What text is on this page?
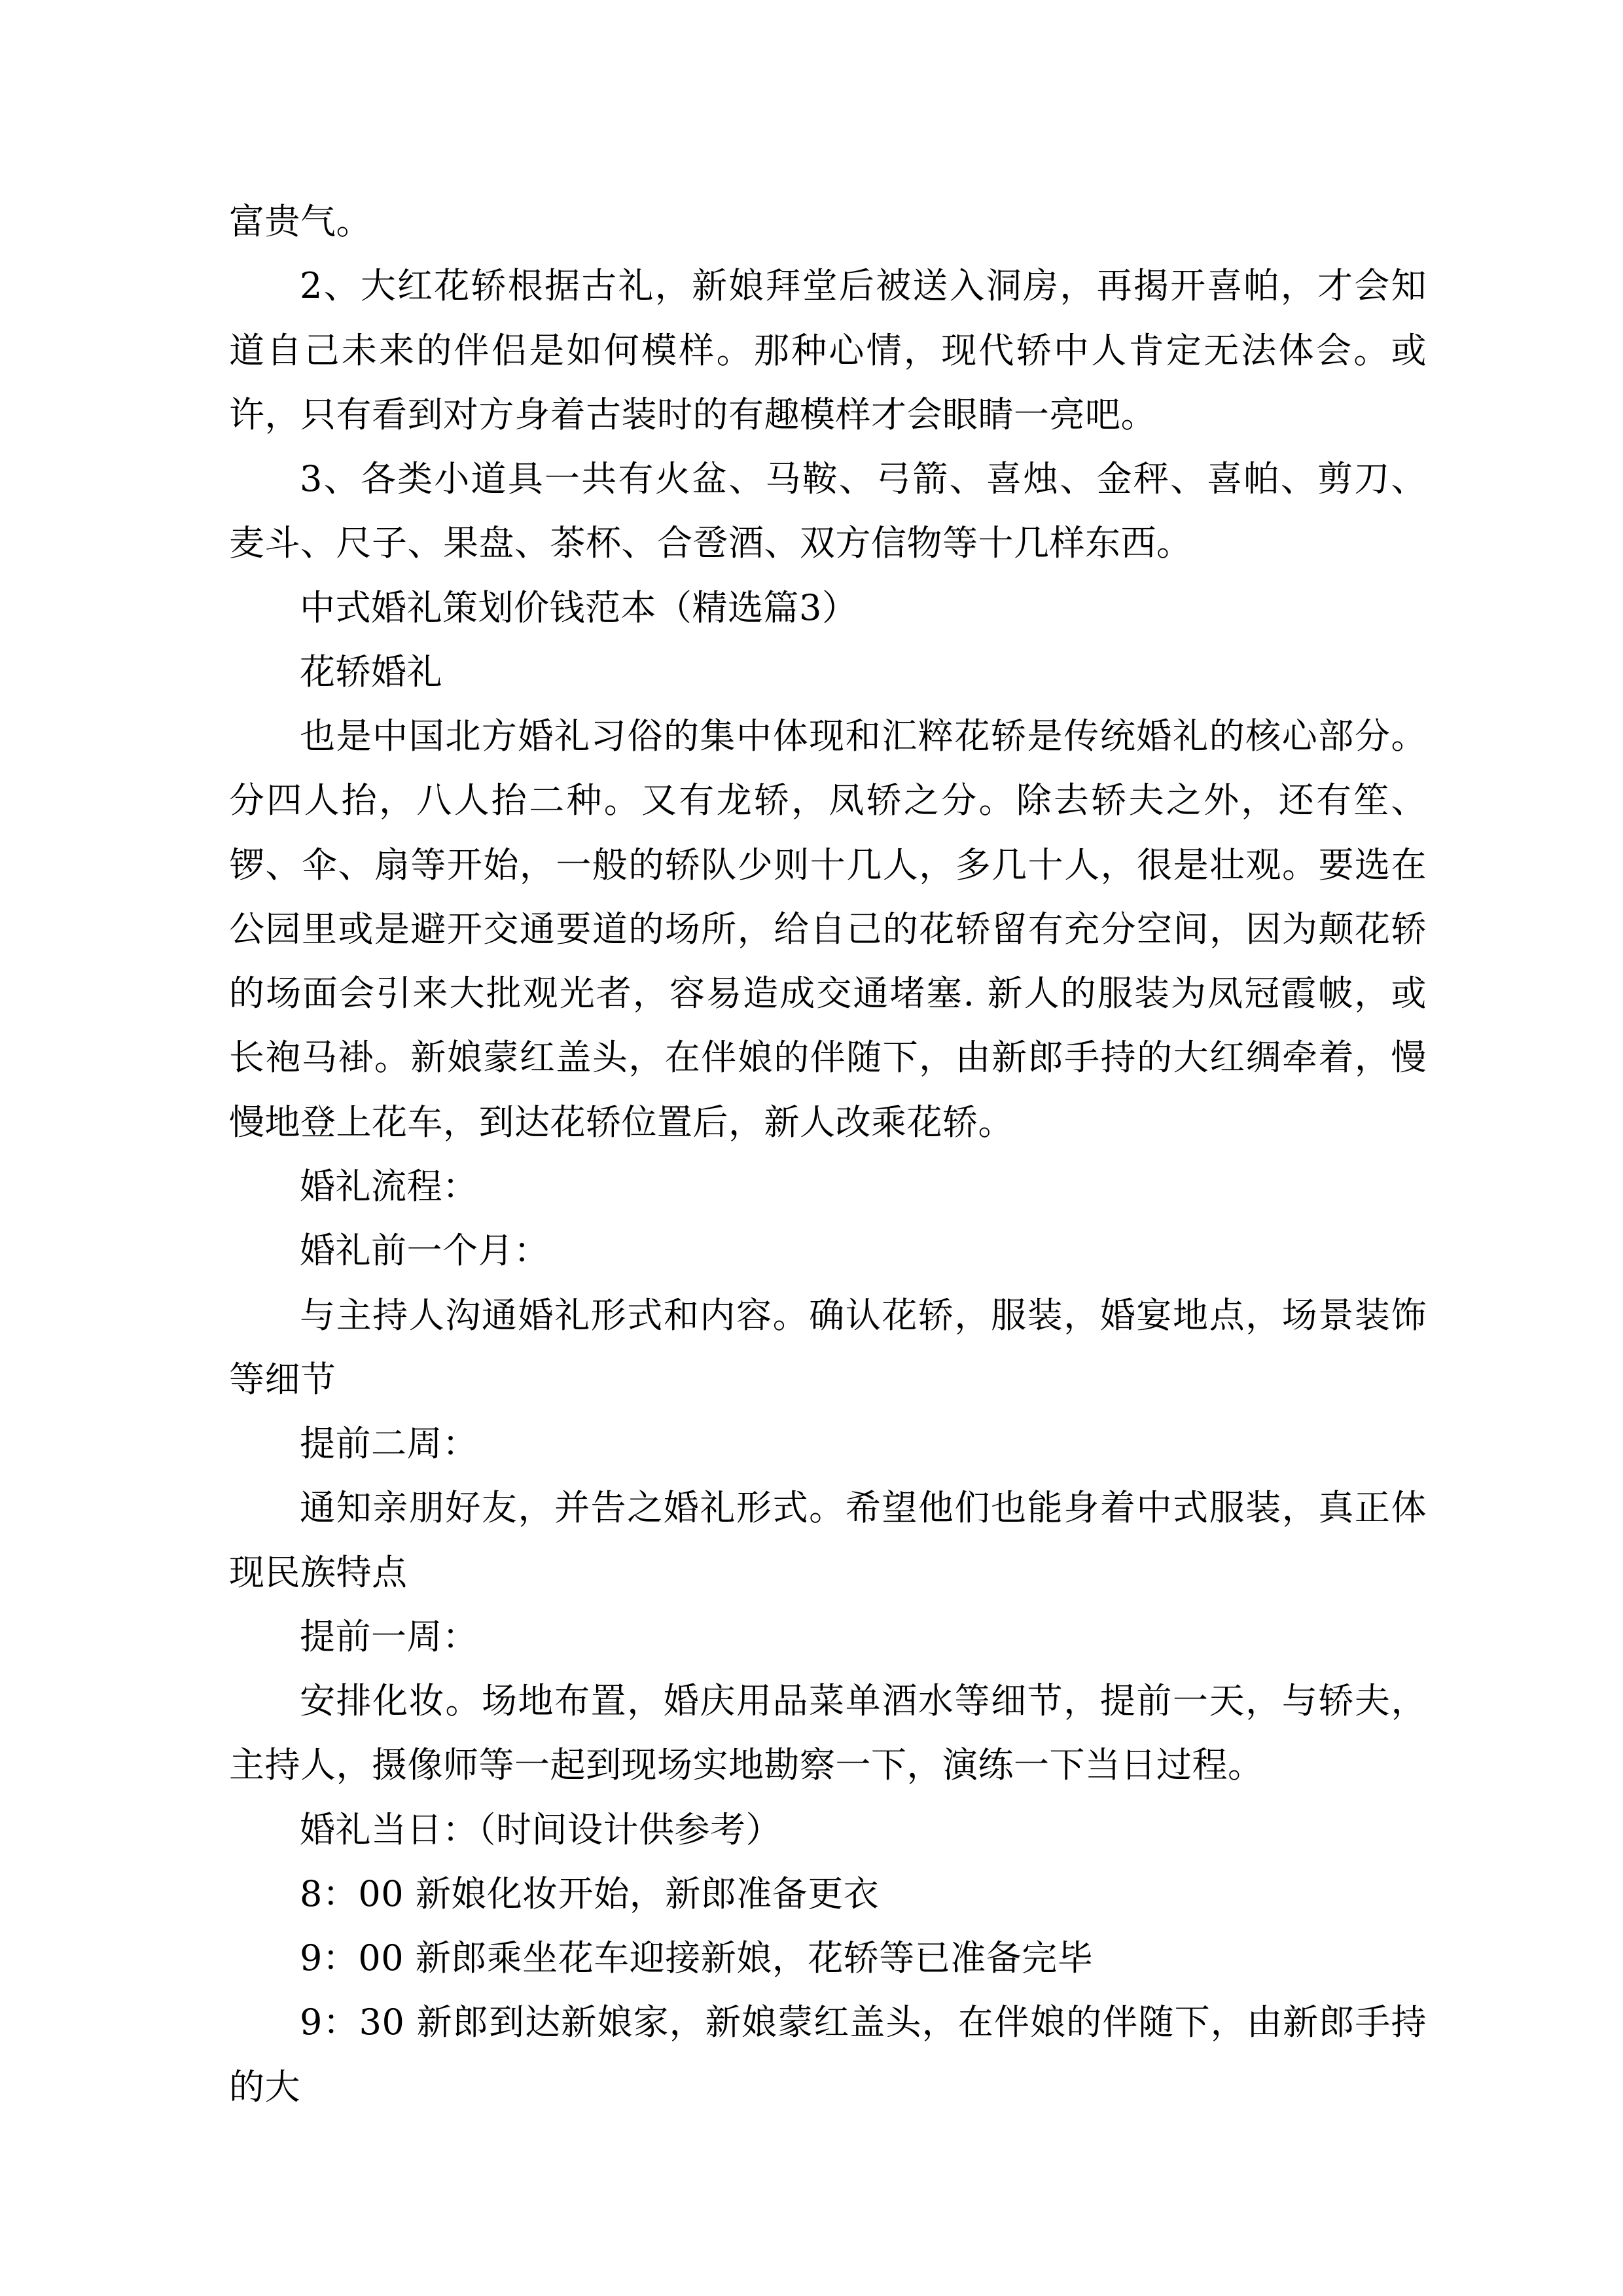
富贵气。

2、大红花轿根据古礼，新娘拜堂后被送入洞房，再揭开喜帕，才会知道自己未来的伴侣是如何模样。那种心情，现代轿中人肯定无法体会。或许，只有看到对方身着古装时的有趣模样才会眼睛一亮吧。

3、各类小道具一共有火盆、马鞍、弓箭、喜烛、金秤、喜帕、剪刀、麦斗、尺子、果盘、茶杯、合卺酒、双方信物等十几样东西。

中式婚礼策划价钱范本（精选篇3）

花轿婚礼

也是中国北方婚礼习俗的集中体现和汇粹花轿是传统婚礼的核心部分。分四人抬，八人抬二种。又有龙轿，凤轿之分。除去轿夫之外，还有笙、锣、伞、扇等开始，一般的轿队少则十几人，多几十人，很是壮观。要选在公园里或是避开交通要道的场所，给自己的花轿留有充分空间，因为颠花轿的场面会引来大批观光者，容易造成交通堵塞. 新人的服装为凤冠霞帔，或长袍马褂。新娘蒙红盖头，在伴娘的伴随下，由新郎手持的大红绸牵着，慢慢地登上花车，到达花轿位置后，新人改乘花轿。

婚礼流程：

婚礼前一个月：

与主持人沟通婚礼形式和内容。确认花轿，服装，婚宴地点，场景装饰等细节

提前二周：

通知亲朋好友，并告之婚礼形式。希望他们也能身着中式服装，真正体现民族特点

提前一周：

安排化妆。场地布置，婚庆用品菜单酒水等细节，提前一天，与轿夫，主持人，摄像师等一起到现场实地勘察一下，演练一下当日过程。

婚礼当日：（时间设计供参考）

8：00 新娘化妆开始，新郎准备更衣

9：00 新郎乘坐花车迎接新娘，花轿等已准备完毕

9：30 新郎到达新娘家，新娘蒙红盖头，在伴娘的伴随下，由新郎手持的大
